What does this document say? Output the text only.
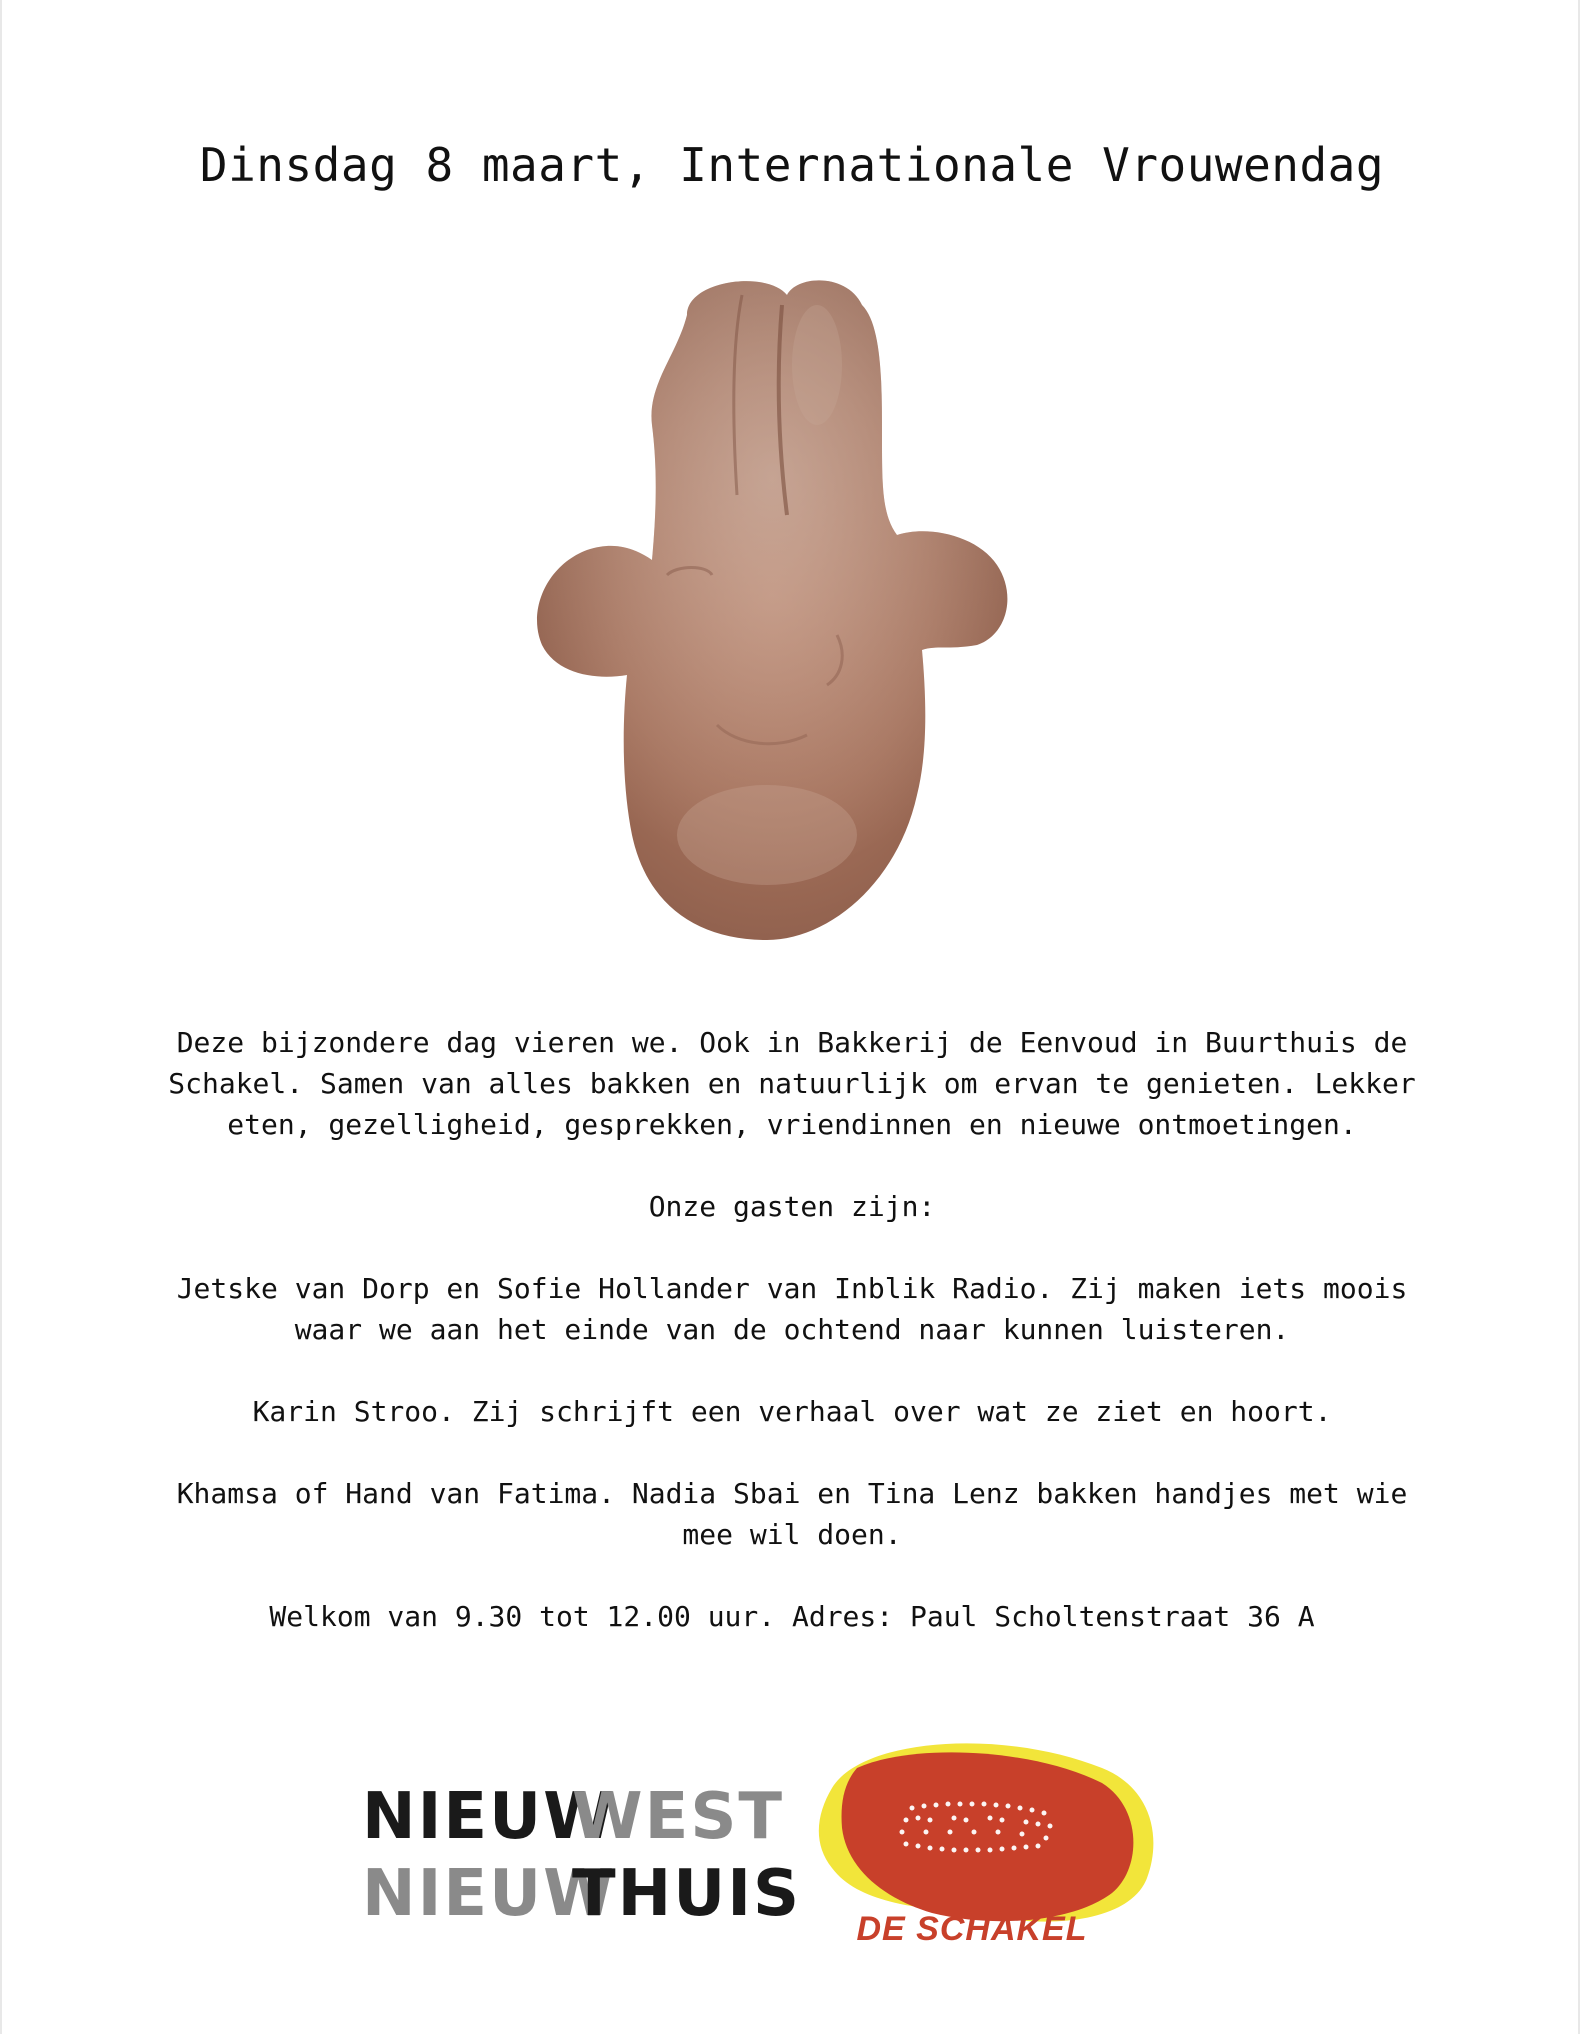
Dinsdag 8 maart, Internationale Vrouwendag

Deze bijzondere dag vieren we. Ook in Bakkerij de Eenvoud in Buurthuis de Schakel. Samen van alles bakken en natuurlijk om ervan te genieten. Lekker eten, gezelligheid, gesprekken, vriendinnen en nieuwe ontmoetingen.

Onze gasten zijn:

Jetske van Dorp en Sofie Hollander van Inblik Radio. Zij maken iets moois waar we aan het einde van de ochtend naar kunnen luisteren.

Karin Stroo. Zij schrijft een verhaal over wat ze ziet en hoort.

Khamsa of Hand van Fatima. Nadia Sbai en Tina Lenz bakken handjes met wie mee wil doen.

Welkom van 9.30 tot 12.00 uur. Adres: Paul Scholtenstraat 36 A

NIEUW
WEST
NIEUW
THUIS	DE SCHAKEL
